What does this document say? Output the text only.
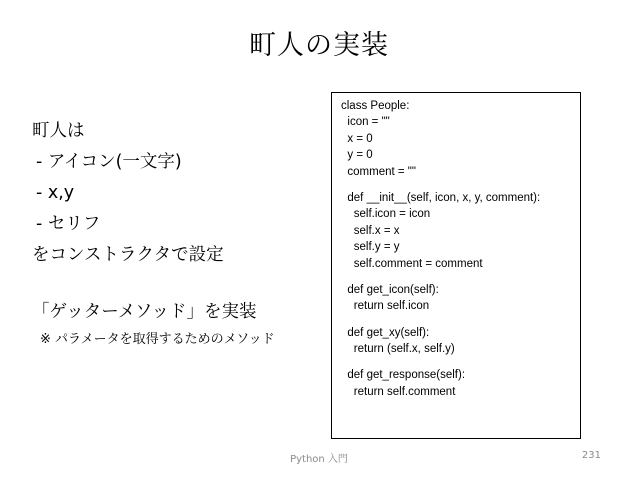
町人の実装
町人は
- アイコン(一文字)
- x,y
- セリフ
をコンストラクタで設定
「ゲッターメソッド」を実装
※ パラメータを取得するためのメソッド
class People:
icon = ""
x = 0
y = 0
comment = ""
def __init__(self, icon, x, y, comment):
self.icon = icon
self.x = x
self.y = y
self.comment = comment
def get_icon(self):
return self.icon
def get_xy(self):
return (self.x, self.y)
def get_response(self):
return self.comment
Python 入門	231
